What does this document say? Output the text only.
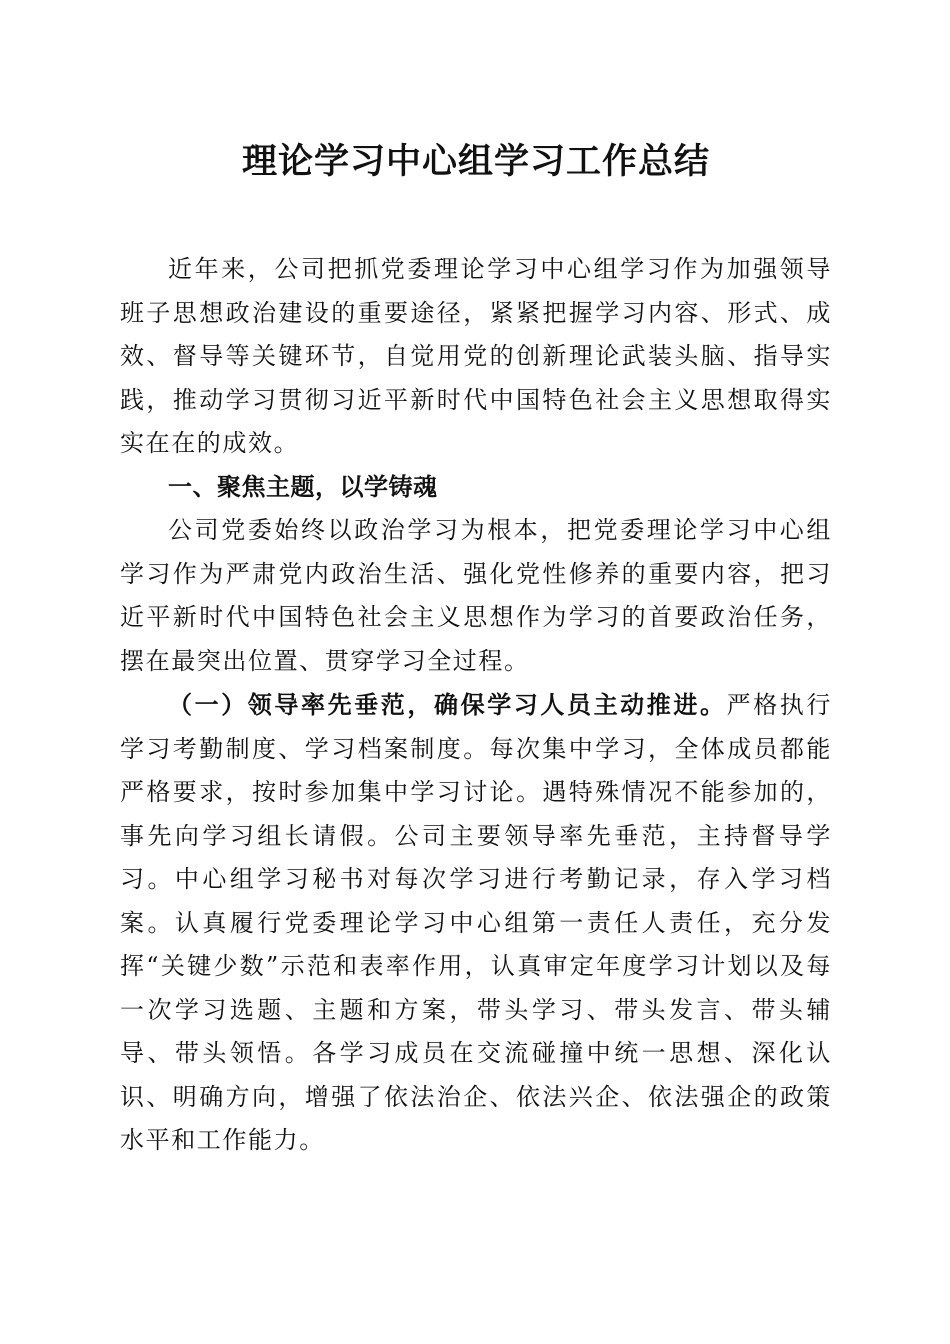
理论学习中心组学习工作总结

近年来，公司把抓党委理论学习中心组学习作为加强领导班子思想政治建设的重要途径，紧紧把握学习内容、形式、成效、督导等关键环节，自觉用党的创新理论武装头脑、指导实践，推动学习贯彻习近平新时代中国特色社会主义思想取得实实在在的成效。

一、聚焦主题，以学铸魂

公司党委始终以政治学习为根本，把党委理论学习中心组学习作为严肃党内政治生活、强化党性修养的重要内容，把习近平新时代中国特色社会主义思想作为学习的首要政治任务，摆在最突出位置、贯穿学习全过程。

（一）领导率先垂范，确保学习人员主动推进。严格执行学习考勤制度、学习档案制度。每次集中学习，全体成员都能严格要求，按时参加集中学习讨论。遇特殊情况不能参加的，事先向学习组长请假。公司主要领导率先垂范，主持督导学习。中心组学习秘书对每次学习进行考勤记录，存入学习档案。认真履行党委理论学习中心组第一责任人责任，充分发挥“关键少数”示范和表率作用，认真审定年度学习计划以及每一次学习选题、主题和方案，带头学习、带头发言、带头辅导、带头领悟。各学习成员在交流碰撞中统一思想、深化认识、明确方向，增强了依法治企、依法兴企、依法强企的政策水平和工作能力。
